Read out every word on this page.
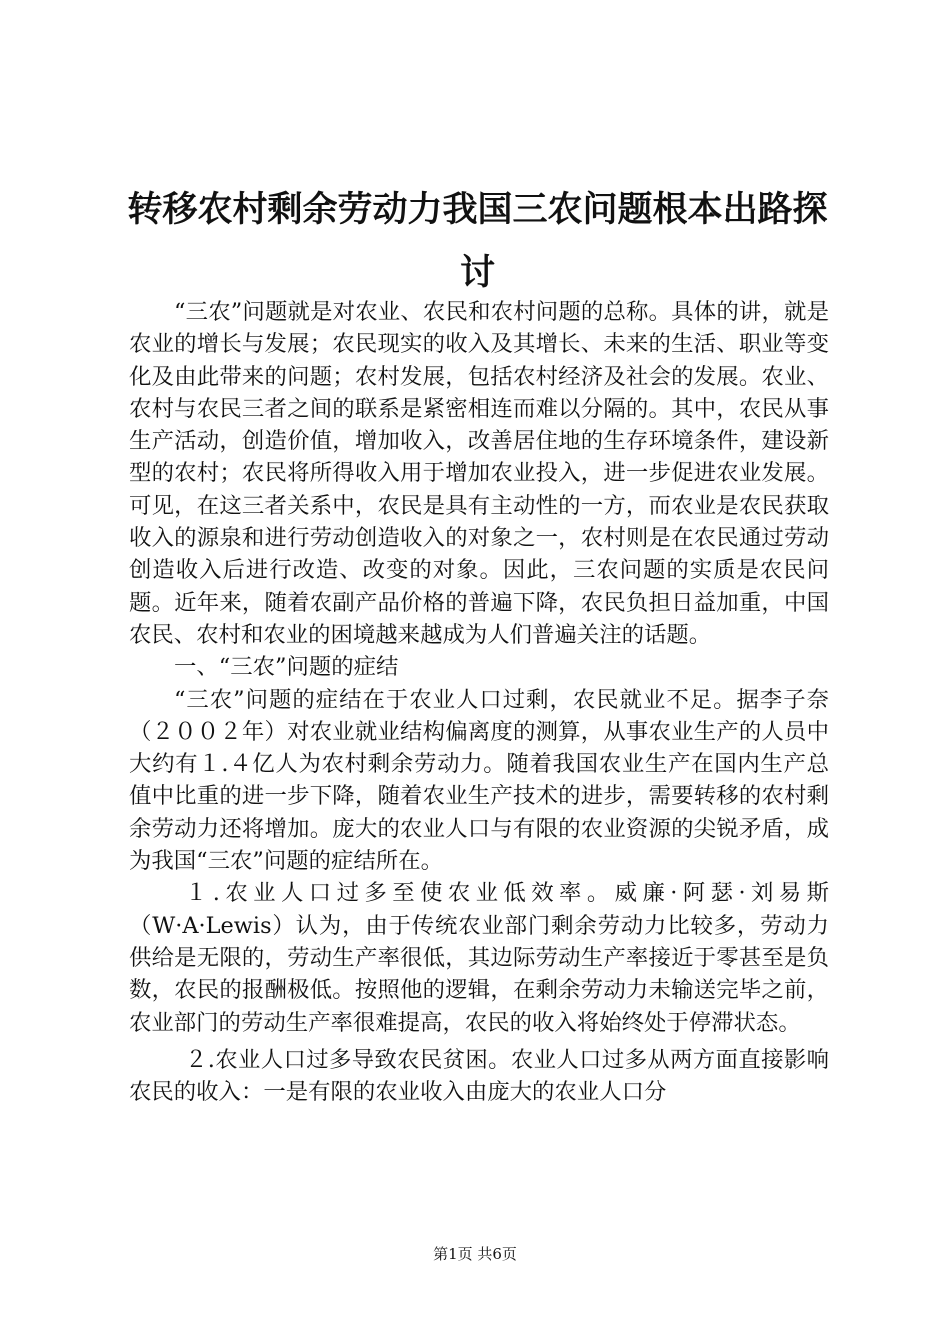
转移农村剩余劳动力我国三农问题根本出路探讨

“三农”问题就是对农业、农民和农村问题的总称。具体的讲，就是农业的增长与发展；农民现实的收入及其增长、未来的生活、职业等变化及由此带来的问题；农村发展，包括农村经济及社会的发展。农业、农村与农民三者之间的联系是紧密相连而难以分隔的。其中，农民从事生产活动，创造价值，增加收入，改善居住地的生存环境条件，建设新型的农村；农民将所得收入用于增加农业投入，进一步促进农业发展。可见，在这三者关系中，农民是具有主动性的一方，而农业是农民获取收入的源泉和进行劳动创造收入的对象之一，农村则是在农民通过劳动创造收入后进行改造、改变的对象。因此，三农问题的实质是农民问题。近年来，随着农副产品价格的普遍下降，农民负担日益加重，中国农民、农村和农业的困境越来越成为人们普遍关注的话题。

一、“三农”问题的症结

“三农”问题的症结在于农业人口过剩，农民就业不足。据李子奈（２００２年）对农业就业结构偏离度的测算，从事农业生产的人员中大约有１.４亿人为农村剩余劳动力。随着我国农业生产在国内生产总值中比重的进一步下降，随着农业生产技术的进步，需要转移的农村剩余劳动力还将增加。庞大的农业人口与有限的农业资源的尖锐矛盾，成为我国“三农”问题的症结所在。

１.农业人口过多至使农业低效率。威廉·阿瑟·刘易斯（W·A·Lewis）认为，由于传统农业部门剩余劳动力比较多，劳动力供给是无限的，劳动生产率很低，其边际劳动生产率接近于零甚至是负数，农民的报酬极低。按照他的逻辑，在剩余劳动力未输送完毕之前，农业部门的劳动生产率很难提高，农民的收入将始终处于停滞状态。

２.农业人口过多导致农民贫困。农业人口过多从两方面直接影响农民的收入：一是有限的农业收入由庞大的农业人口分

第1页 共6页
